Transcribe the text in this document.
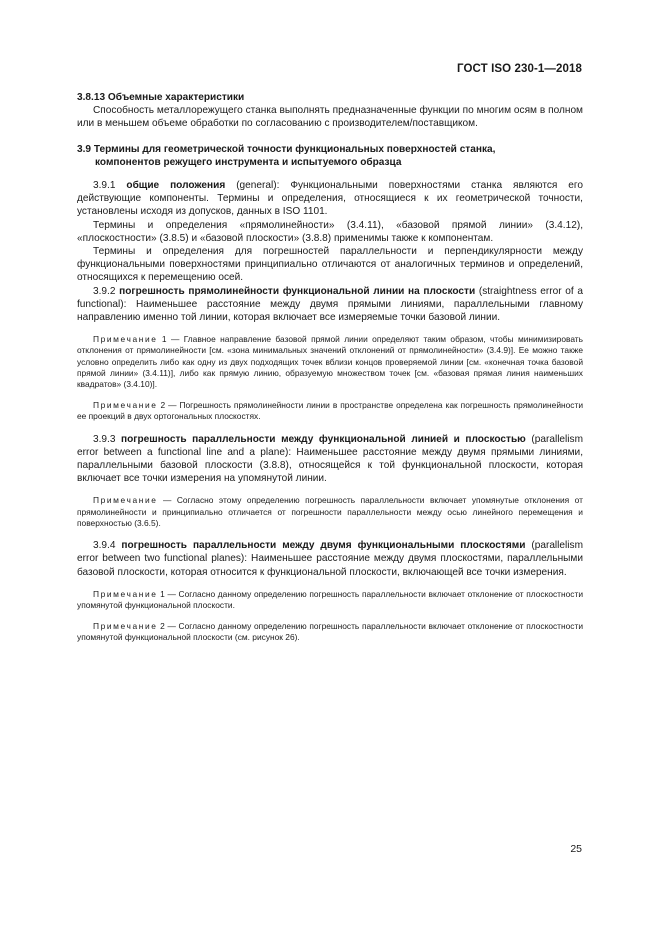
ГОСТ ISO 230-1—2018

3.8.13 Объемные характеристики

Способность металлорежущего станка выполнять предназначенные функции по многим осям в полном или в меньшем объеме обработки по согласованию с производителем/поставщиком.

3.9 Термины для геометрической точности функциональных поверхностей станка,
компонентов режущего инструмента и испытуемого образца

3.9.1 общие положения (general): Функциональными поверхностями станка являются его действующие компоненты. Термины и определения, относящиеся к их геометрической точности, установлены исходя из допусков, данных в ISO 1101.

Термины и определения «прямолинейности» (3.4.11), «базовой прямой линии» (3.4.12), «плоскостности» (3.8.5) и «базовой плоскости» (3.8.8) применимы также к компонентам.

Термины и определения для погрешностей параллельности и перпендикулярности между функциональными поверхностями принципиально отличаются от аналогичных терминов и определений, относящихся к перемещению осей.

3.9.2 погрешность прямолинейности функциональной линии на плоскости (straightness error of a functional): Наименьшее расстояние между двумя прямыми линиями, параллельными главному направлению именно той линии, которая включает все измеряемые точки базовой линии.

Примечание 1 — Главное направление базовой прямой линии определяют таким образом, чтобы минимизировать отклонения от прямолинейности [см. «зона минимальных значений отклонений от прямолинейности» (3.4.9)]. Ее можно также условно определить либо как одну из двух подходящих точек вблизи концов проверяемой линии [см. «конечная точка базовой прямой линии» (3.4.11)], либо как прямую линию, образуемую множеством точек [см. «базовая прямая линия наименьших квадратов» (3.4.10)].

Примечание 2 — Погрешность прямолинейности линии в пространстве определена как погрешность прямолинейности ее проекций в двух ортогональных плоскостях.

3.9.3 погрешность параллельности между функциональной линией и плоскостью (parallelism error between a functional line and a plane): Наименьшее расстояние между двумя прямыми линиями, параллельными базовой плоскости (3.8.8), относящейся к той функциональной плоскости, которая включает все точки измерения на упомянутой линии.

Примечание — Согласно этому определению погрешность параллельности включает упомянутые отклонения от прямолинейности и принципиально отличается от погрешности параллельности между осью линейного перемещения и поверхностью (3.6.5).

3.9.4 погрешность параллельности между двумя функциональными плоскостями (parallelism error between two functional planes): Наименьшее расстояние между двумя плоскостями, параллельными базовой плоскости, которая относится к функциональной плоскости, включающей все точки измерения.

Примечание 1 — Согласно данному определению погрешность параллельности включает отклонение от плоскостности упомянутой функциональной плоскости.

Примечание 2 — Согласно данному определению погрешность параллельности включает отклонение от плоскостности упомянутой функциональной плоскости (см. рисунок 26).

25
